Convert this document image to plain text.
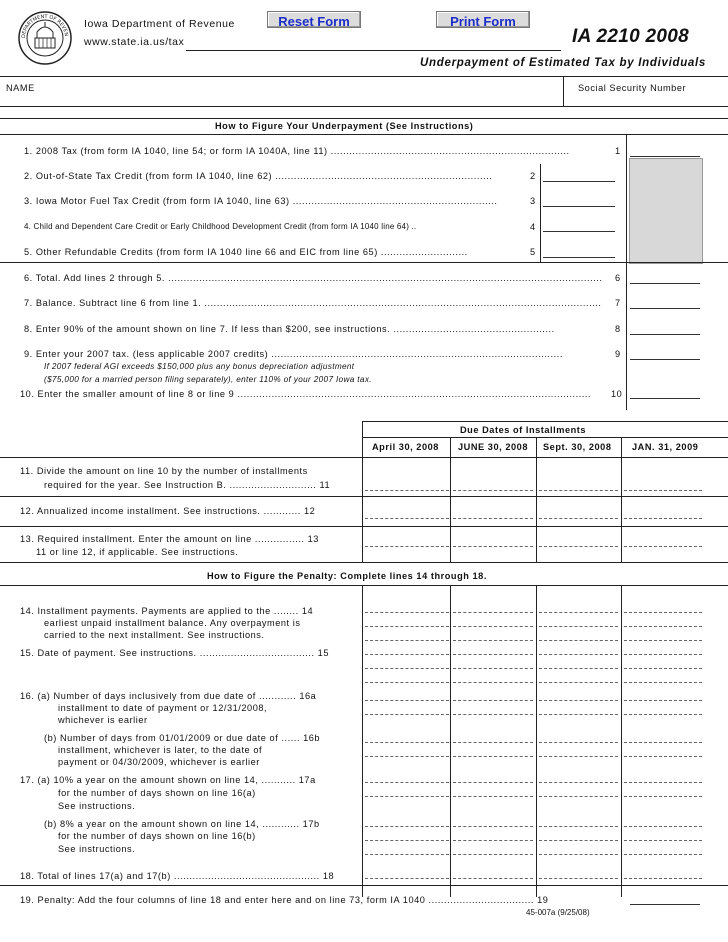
DEPARTMENT OF REVEN
Iowa Department of Revenue
www.state.ia.us/tax
Reset Form	Print Form
IA 2210 2008
Underpayment of Estimated Tax by Individuals
NAME	Social Security Number
How to Figure Your Underpayment (See Instructions)
1. 2008 Tax (from form IA 1040, line 54; or form IA 1040A, line 11) .............................................................................	1
2. Out-of-State Tax Credit (from form IA 1040, line 62) ......................................................................	2
3. Iowa Motor Fuel Tax Credit (from form IA 1040, line 63) ..................................................................	3
4. Child and Dependent Care Credit or Early Childhood Development Credit (from form IA 1040 line 64) ..	4
5. Other Refundable Credits (from form IA 1040 line 66 and EIC from line 65) ............................	5
6. Total. Add lines 2 through 5. ............................................................................................................................................	6
7. Balance. Subtract line 6 from line 1. ................................................................................................................................	7
8. Enter 90% of the amount shown on line 7. If less than $200, see instructions. ....................................................	8
9. Enter your 2007 tax. (less applicable 2007 credits) ..............................................................................................	9
If 2007 federal AGI exceeds $150,000 plus any bonus depreciation adjustment
($75,000 for a married person filing separately), enter 110% of your 2007 Iowa tax.
10. Enter the smaller amount of line 8 or line 9 ..................................................................................................................	10
Due Dates of Installments
April 30, 2008 JUNE 30, 2008 Sept. 30, 2008 JAN. 31, 2009
11. Divide the amount on line 10 by the number of installments
required for the year. See Instruction B. ............................ 11
12. Annualized income installment. See instructions. ............ 12
13. Required installment. Enter the amount on line ................ 13
11 or line 12, if applicable. See instructions.
How to Figure the Penalty: Complete lines 14 through 18.
14. Installment payments. Payments are applied to the ........ 14
earliest unpaid installment balance. Any overpayment is
carried to the next installment. See instructions.
15. Date of payment. See instructions. ..................................... 15
16. (a) Number of days inclusively from due date of ............ 16a
installment to date of payment or 12/31/2008,
whichever is earlier
(b) Number of days from 01/01/2009 or due date of ...... 16b
installment, whichever is later, to the date of
payment or 04/30/2009, whichever is earlier
17. (a) 10% a year on the amount shown on line 14, ........... 17a
for the number of days shown on line 16(a)
See instructions.
(b) 8% a year on the amount shown on line 14, ............ 17b
for the number of days shown on line 16(b)
See instructions.
18. Total of lines 17(a) and 17(b) ............................................... 18
19. Penalty: Add the four columns of line 18 and enter here and on line 73, form IA 1040 .................................. 19
45-007a (9/25/08)
